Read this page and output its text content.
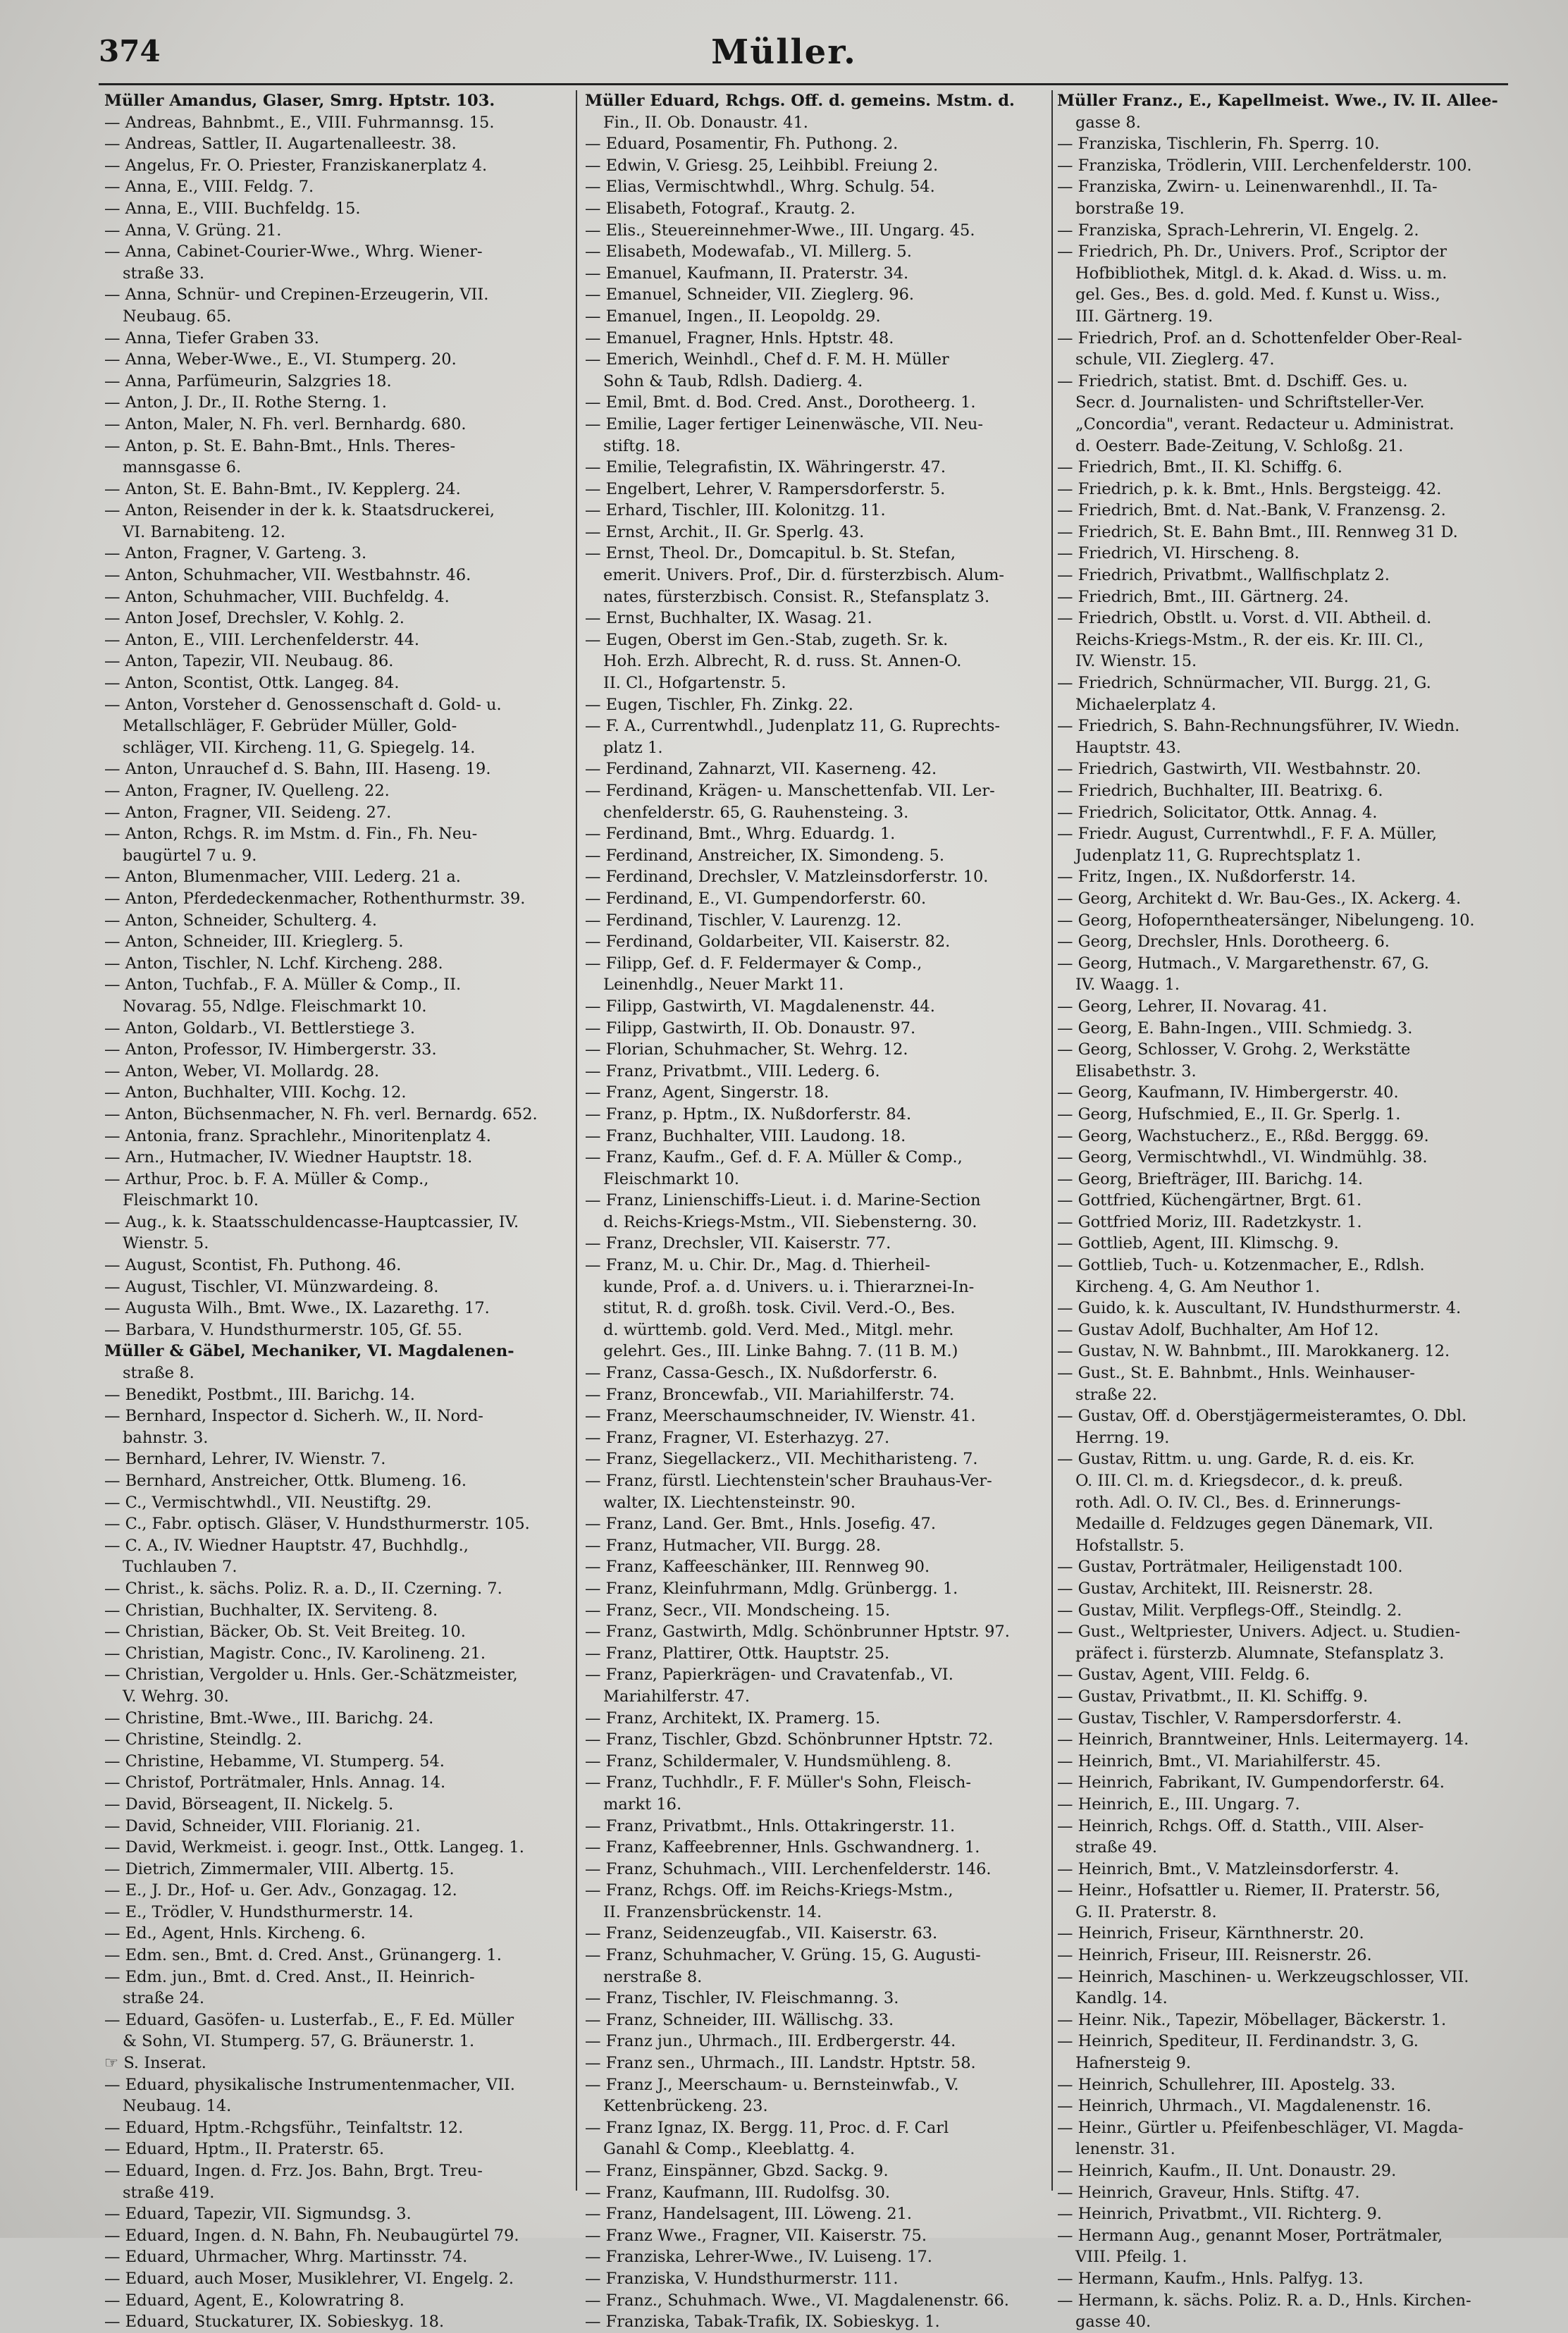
374	Müller.
Müller Amandus, Glaser, Smrg. Hptstr. 103.
— Andreas, Bahnbmt., E., VIII. Fuhrmannsg. 15.
— Andreas, Sattler, II. Augartenalleestr. 38.
— Angelus, Fr. O. Priester, Franziskanerplatz 4.
— Anna, E., VIII. Feldg. 7.
— Anna, E., VIII. Buchfeldg. 15.
— Anna, V. Grüng. 21.
— Anna, Cabinet-Courier-Wwe., Whrg. Wiener-
straße 33.
— Anna, Schnür- und Crepinen-Erzeugerin, VII.
Neubaug. 65.
— Anna, Tiefer Graben 33.
— Anna, Weber-Wwe., E., VI. Stumperg. 20.
— Anna, Parfümeurin, Salzgries 18.
— Anton, J. Dr., II. Rothe Sterng. 1.
— Anton, Maler, N. Fh. verl. Bernhardg. 680.
— Anton, p. St. E. Bahn-Bmt., Hnls. Theres-
mannsgasse 6.
— Anton, St. E. Bahn-Bmt., IV. Kepplerg. 24.
— Anton, Reisender in der k. k. Staatsdruckerei,
VI. Barnabiteng. 12.
— Anton, Fragner, V. Garteng. 3.
— Anton, Schuhmacher, VII. Westbahnstr. 46.
— Anton, Schuhmacher, VIII. Buchfeldg. 4.
— Anton Josef, Drechsler, V. Kohlg. 2.
— Anton, E., VIII. Lerchenfelderstr. 44.
— Anton, Tapezir, VII. Neubaug. 86.
— Anton, Scontist, Ottk. Langeg. 84.
— Anton, Vorsteher d. Genossenschaft d. Gold- u.
Metallschläger, F. Gebrüder Müller, Gold-
schläger, VII. Kircheng. 11, G. Spiegelg. 14.
— Anton, Unrauchef d. S. Bahn, III. Haseng. 19.
— Anton, Fragner, IV. Quelleng. 22.
— Anton, Fragner, VII. Seideng. 27.
— Anton, Rchgs. R. im Mstm. d. Fin., Fh. Neu-
baugürtel 7 u. 9.
— Anton, Blumenmacher, VIII. Lederg. 21 a.
— Anton, Pferdedeckenmacher, Rothenthurmstr. 39.
— Anton, Schneider, Schulterg. 4.
— Anton, Schneider, III. Krieglerg. 5.
— Anton, Tischler, N. Lchf. Kircheng. 288.
— Anton, Tuchfab., F. A. Müller & Comp., II.
Novarag. 55, Ndlge. Fleischmarkt 10.
— Anton, Goldarb., VI. Bettlerstiege 3.
— Anton, Professor, IV. Himbergerstr. 33.
— Anton, Weber, VI. Mollardg. 28.
— Anton, Buchhalter, VIII. Kochg. 12.
— Anton, Büchsenmacher, N. Fh. verl. Bernardg. 652.
— Antonia, franz. Sprachlehr., Minoritenplatz 4.
— Arn., Hutmacher, IV. Wiedner Hauptstr. 18.
— Arthur, Proc. b. F. A. Müller & Comp.,
Fleischmarkt 10.
— Aug., k. k. Staatsschuldencasse-Hauptcassier, IV.
Wienstr. 5.
— August, Scontist, Fh. Puthong. 46.
— August, Tischler, VI. Münzwardeing. 8.
— Augusta Wilh., Bmt. Wwe., IX. Lazarethg. 17.
— Barbara, V. Hundsthurmerstr. 105, Gf. 55.
Müller & Gäbel, Mechaniker, VI. Magdalenen-
straße 8.
— Benedikt, Postbmt., III. Barichg. 14.
— Bernhard, Inspector d. Sicherh. W., II. Nord-
bahnstr. 3.
— Bernhard, Lehrer, IV. Wienstr. 7.
— Bernhard, Anstreicher, Ottk. Blumeng. 16.
— C., Vermischtwhdl., VII. Neustiftg. 29.
— C., Fabr. optisch. Gläser, V. Hundsthurmerstr. 105.
— C. A., IV. Wiedner Hauptstr. 47, Buchhdlg.,
Tuchlauben 7.
— Christ., k. sächs. Poliz. R. a. D., II. Czerning. 7.
— Christian, Buchhalter, IX. Serviteng. 8.
— Christian, Bäcker, Ob. St. Veit Breiteg. 10.
— Christian, Magistr. Conc., IV. Karolineng. 21.
— Christian, Vergolder u. Hnls. Ger.-Schätzmeister,
V. Wehrg. 30.
— Christine, Bmt.-Wwe., III. Barichg. 24.
— Christine, Steindlg. 2.
— Christine, Hebamme, VI. Stumperg. 54.
— Christof, Porträtmaler, Hnls. Annag. 14.
— David, Börseagent, II. Nickelg. 5.
— David, Schneider, VIII. Florianig. 21.
— David, Werkmeist. i. geogr. Inst., Ottk. Langeg. 1.
— Dietrich, Zimmermaler, VIII. Albertg. 15.
— E., J. Dr., Hof- u. Ger. Adv., Gonzagag. 12.
— E., Trödler, V. Hundsthurmerstr. 14.
— Ed., Agent, Hnls. Kircheng. 6.
— Edm. sen., Bmt. d. Cred. Anst., Grünangerg. 1.
— Edm. jun., Bmt. d. Cred. Anst., II. Heinrich-
straße 24.
— Eduard, Gasöfen- u. Lusterfab., E., F. Ed. Müller
& Sohn, VI. Stumperg. 57, G. Bräunerstr. 1.
☞ S. Inserat.
— Eduard, physikalische Instrumentenmacher, VII.
Neubaug. 14.
— Eduard, Hptm.-Rchgsführ., Teinfaltstr. 12.
— Eduard, Hptm., II. Praterstr. 65.
— Eduard, Ingen. d. Frz. Jos. Bahn, Brgt. Treu-
straße 419.
— Eduard, Tapezir, VII. Sigmundsg. 3.
— Eduard, Ingen. d. N. Bahn, Fh. Neubaugürtel 79.
— Eduard, Uhrmacher, Whrg. Martinsstr. 74.
— Eduard, auch Moser, Musiklehrer, VI. Engelg. 2.
— Eduard, Agent, E., Kolowratring 8.
— Eduard, Stuckaturer, IX. Sobieskyg. 18.
Müller Eduard, Rchgs. Off. d. gemeins. Mstm. d.
Fin., II. Ob. Donaustr. 41.
— Eduard, Posamentir, Fh. Puthong. 2.
— Edwin, V. Griesg. 25, Leihbibl. Freiung 2.
— Elias, Vermischtwhdl., Whrg. Schulg. 54.
— Elisabeth, Fotograf., Krautg. 2.
— Elis., Steuereinnehmer-Wwe., III. Ungarg. 45.
— Elisabeth, Modewafab., VI. Millerg. 5.
— Emanuel, Kaufmann, II. Praterstr. 34.
— Emanuel, Schneider, VII. Zieglerg. 96.
— Emanuel, Ingen., II. Leopoldg. 29.
— Emanuel, Fragner, Hnls. Hptstr. 48.
— Emerich, Weinhdl., Chef d. F. M. H. Müller
Sohn & Taub, Rdlsh. Dadierg. 4.
— Emil, Bmt. d. Bod. Cred. Anst., Dorotheerg. 1.
— Emilie, Lager fertiger Leinenwäsche, VII. Neu-
stiftg. 18.
— Emilie, Telegrafistin, IX. Währingerstr. 47.
— Engelbert, Lehrer, V. Rampersdorferstr. 5.
— Erhard, Tischler, III. Kolonitzg. 11.
— Ernst, Archit., II. Gr. Sperlg. 43.
— Ernst, Theol. Dr., Domcapitul. b. St. Stefan,
emerit. Univers. Prof., Dir. d. fürsterzbisch. Alum-
nates, fürsterzbisch. Consist. R., Stefansplatz 3.
— Ernst, Buchhalter, IX. Wasag. 21.
— Eugen, Oberst im Gen.-Stab, zugeth. Sr. k.
Hoh. Erzh. Albrecht, R. d. russ. St. Annen-O.
II. Cl., Hofgartenstr. 5.
— Eugen, Tischler, Fh. Zinkg. 22.
— F. A., Currentwhdl., Judenplatz 11, G. Ruprechts-
platz 1.
— Ferdinand, Zahnarzt, VII. Kaserneng. 42.
— Ferdinand, Krägen- u. Manschettenfab. VII. Ler-
chenfelderstr. 65, G. Rauhensteing. 3.
— Ferdinand, Bmt., Whrg. Eduardg. 1.
— Ferdinand, Anstreicher, IX. Simondeng. 5.
— Ferdinand, Drechsler, V. Matzleinsdorferstr. 10.
— Ferdinand, E., VI. Gumpendorferstr. 60.
— Ferdinand, Tischler, V. Laurenzg. 12.
— Ferdinand, Goldarbeiter, VII. Kaiserstr. 82.
— Filipp, Gef. d. F. Feldermayer & Comp.,
Leinenhdlg., Neuer Markt 11.
— Filipp, Gastwirth, VI. Magdalenenstr. 44.
— Filipp, Gastwirth, II. Ob. Donaustr. 97.
— Florian, Schuhmacher, St. Wehrg. 12.
— Franz, Privatbmt., VIII. Lederg. 6.
— Franz, Agent, Singerstr. 18.
— Franz, p. Hptm., IX. Nußdorferstr. 84.
— Franz, Buchhalter, VIII. Laudong. 18.
— Franz, Kaufm., Gef. d. F. A. Müller & Comp.,
Fleischmarkt 10.
— Franz, Linienschiffs-Lieut. i. d. Marine-Section
d. Reichs-Kriegs-Mstm., VII. Siebensterng. 30.
— Franz, Drechsler, VII. Kaiserstr. 77.
— Franz, M. u. Chir. Dr., Mag. d. Thierheil-
kunde, Prof. a. d. Univers. u. i. Thierarznei-In-
stitut, R. d. großh. tosk. Civil. Verd.-O., Bes.
d. württemb. gold. Verd. Med., Mitgl. mehr.
gelehrt. Ges., III. Linke Bahng. 7. (11 B. M.)
— Franz, Cassa-Gesch., IX. Nußdorferstr. 6.
— Franz, Broncewfab., VII. Mariahilferstr. 74.
— Franz, Meerschaumschneider, IV. Wienstr. 41.
— Franz, Fragner, VI. Esterhazyg. 27.
— Franz, Siegellackerz., VII. Mechitharisteng. 7.
— Franz, fürstl. Liechtenstein'scher Brauhaus-Ver-
walter, IX. Liechtensteinstr. 90.
— Franz, Land. Ger. Bmt., Hnls. Josefig. 47.
— Franz, Hutmacher, VII. Burgg. 28.
— Franz, Kaffeeschänker, III. Rennweg 90.
— Franz, Kleinfuhrmann, Mdlg. Grünbergg. 1.
— Franz, Secr., VII. Mondscheing. 15.
— Franz, Gastwirth, Mdlg. Schönbrunner Hptstr. 97.
— Franz, Plattirer, Ottk. Hauptstr. 25.
— Franz, Papierkrägen- und Cravatenfab., VI.
Mariahilferstr. 47.
— Franz, Architekt, IX. Pramerg. 15.
— Franz, Tischler, Gbzd. Schönbrunner Hptstr. 72.
— Franz, Schildermaler, V. Hundsmühleng. 8.
— Franz, Tuchhdlr., F. F. Müller's Sohn, Fleisch-
markt 16.
— Franz, Privatbmt., Hnls. Ottakringerstr. 11.
— Franz, Kaffeebrenner, Hnls. Gschwandnerg. 1.
— Franz, Schuhmach., VIII. Lerchenfelderstr. 146.
— Franz, Rchgs. Off. im Reichs-Kriegs-Mstm.,
II. Franzensbrückenstr. 14.
— Franz, Seidenzeugfab., VII. Kaiserstr. 63.
— Franz, Schuhmacher, V. Grüng. 15, G. Augusti-
nerstraße 8.
— Franz, Tischler, IV. Fleischmanng. 3.
— Franz, Schneider, III. Wällischg. 33.
— Franz jun., Uhrmach., III. Erdbergerstr. 44.
— Franz sen., Uhrmach., III. Landstr. Hptstr. 58.
— Franz J., Meerschaum- u. Bernsteinwfab., V.
Kettenbrückeng. 23.
— Franz Ignaz, IX. Bergg. 11, Proc. d. F. Carl
Ganahl & Comp., Kleeblattg. 4.
— Franz, Einspänner, Gbzd. Sackg. 9.
— Franz, Kaufmann, III. Rudolfsg. 30.
— Franz, Handelsagent, III. Löweng. 21.
— Franz Wwe., Fragner, VII. Kaiserstr. 75.
— Franziska, Lehrer-Wwe., IV. Luiseng. 17.
— Franziska, V. Hundsthurmerstr. 111.
— Franz., Schuhmach. Wwe., VI. Magdalenenstr. 66.
— Franziska, Tabak-Trafik, IX. Sobieskyg. 1.
Müller Franz., E., Kapellmeist. Wwe., IV. II. Allee-
gasse 8.
— Franziska, Tischlerin, Fh. Sperrg. 10.
— Franziska, Trödlerin, VIII. Lerchenfelderstr. 100.
— Franziska, Zwirn- u. Leinenwarenhdl., II. Ta-
borstraße 19.
— Franziska, Sprach-Lehrerin, VI. Engelg. 2.
— Friedrich, Ph. Dr., Univers. Prof., Scriptor der
Hofbibliothek, Mitgl. d. k. Akad. d. Wiss. u. m.
gel. Ges., Bes. d. gold. Med. f. Kunst u. Wiss.,
III. Gärtnerg. 19.
— Friedrich, Prof. an d. Schottenfelder Ober-Real-
schule, VII. Zieglerg. 47.
— Friedrich, statist. Bmt. d. Dschiff. Ges. u.
Secr. d. Journalisten- und Schriftsteller-Ver.
„Concordia", verant. Redacteur u. Administrat.
d. Oesterr. Bade-Zeitung, V. Schloßg. 21.
— Friedrich, Bmt., II. Kl. Schiffg. 6.
— Friedrich, p. k. k. Bmt., Hnls. Bergsteigg. 42.
— Friedrich, Bmt. d. Nat.-Bank, V. Franzensg. 2.
— Friedrich, St. E. Bahn Bmt., III. Rennweg 31 D.
— Friedrich, VI. Hirscheng. 8.
— Friedrich, Privatbmt., Wallfischplatz 2.
— Friedrich, Bmt., III. Gärtnerg. 24.
— Friedrich, Obstlt. u. Vorst. d. VII. Abtheil. d.
Reichs-Kriegs-Mstm., R. der eis. Kr. III. Cl.,
IV. Wienstr. 15.
— Friedrich, Schnürmacher, VII. Burgg. 21, G.
Michaelerplatz 4.
— Friedrich, S. Bahn-Rechnungsführer, IV. Wiedn.
Hauptstr. 43.
— Friedrich, Gastwirth, VII. Westbahnstr. 20.
— Friedrich, Buchhalter, III. Beatrixg. 6.
— Friedrich, Solicitator, Ottk. Annag. 4.
— Friedr. August, Currentwhdl., F. F. A. Müller,
Judenplatz 11, G. Ruprechtsplatz 1.
— Fritz, Ingen., IX. Nußdorferstr. 14.
— Georg, Architekt d. Wr. Bau-Ges., IX. Ackerg. 4.
— Georg, Hofoperntheatersänger, Nibelungeng. 10.
— Georg, Drechsler, Hnls. Dorotheerg. 6.
— Georg, Hutmach., V. Margarethenstr. 67, G.
IV. Waagg. 1.
— Georg, Lehrer, II. Novarag. 41.
— Georg, E. Bahn-Ingen., VIII. Schmiedg. 3.
— Georg, Schlosser, V. Grohg. 2, Werkstätte
Elisabethstr. 3.
— Georg, Kaufmann, IV. Himbergerstr. 40.
— Georg, Hufschmied, E., II. Gr. Sperlg. 1.
— Georg, Wachstucherz., E., Rßd. Berggg. 69.
— Georg, Vermischtwhdl., VI. Windmühlg. 38.
— Georg, Briefträger, III. Barichg. 14.
— Gottfried, Küchengärtner, Brgt. 61.
— Gottfried Moriz, III. Radetzkystr. 1.
— Gottlieb, Agent, III. Klimschg. 9.
— Gottlieb, Tuch- u. Kotzenmacher, E., Rdlsh.
Kircheng. 4, G. Am Neuthor 1.
— Guido, k. k. Auscultant, IV. Hundsthurmerstr. 4.
— Gustav Adolf, Buchhalter, Am Hof 12.
— Gustav, N. W. Bahnbmt., III. Marokkanerg. 12.
— Gust., St. E. Bahnbmt., Hnls. Weinhauser-
straße 22.
— Gustav, Off. d. Oberstjägermeisteramtes, O. Dbl.
Herrng. 19.
— Gustav, Rittm. u. ung. Garde, R. d. eis. Kr.
O. III. Cl. m. d. Kriegsdecor., d. k. preuß.
roth. Adl. O. IV. Cl., Bes. d. Erinnerungs-
Medaille d. Feldzuges gegen Dänemark, VII.
Hofstallstr. 5.
— Gustav, Porträtmaler, Heiligenstadt 100.
— Gustav, Architekt, III. Reisnerstr. 28.
— Gustav, Milit. Verpflegs-Off., Steindlg. 2.
— Gust., Weltpriester, Univers. Adject. u. Studien-
präfect i. fürsterzb. Alumnate, Stefansplatz 3.
— Gustav, Agent, VIII. Feldg. 6.
— Gustav, Privatbmt., II. Kl. Schiffg. 9.
— Gustav, Tischler, V. Rampersdorferstr. 4.
— Heinrich, Branntweiner, Hnls. Leitermayerg. 14.
— Heinrich, Bmt., VI. Mariahilferstr. 45.
— Heinrich, Fabrikant, IV. Gumpendorferstr. 64.
— Heinrich, E., III. Ungarg. 7.
— Heinrich, Rchgs. Off. d. Statth., VIII. Alser-
straße 49.
— Heinrich, Bmt., V. Matzleinsdorferstr. 4.
— Heinr., Hofsattler u. Riemer, II. Praterstr. 56,
G. II. Praterstr. 8.
— Heinrich, Friseur, Kärnthnerstr. 20.
— Heinrich, Friseur, III. Reisnerstr. 26.
— Heinrich, Maschinen- u. Werkzeugschlosser, VII.
Kandlg. 14.
— Heinr. Nik., Tapezir, Möbellager, Bäckerstr. 1.
— Heinrich, Spediteur, II. Ferdinandstr. 3, G.
Hafnersteig 9.
— Heinrich, Schullehrer, III. Apostelg. 33.
— Heinrich, Uhrmach., VI. Magdalenenstr. 16.
— Heinr., Gürtler u. Pfeifenbeschläger, VI. Magda-
lenenstr. 31.
— Heinrich, Kaufm., II. Unt. Donaustr. 29.
— Heinrich, Graveur, Hnls. Stiftg. 47.
— Heinrich, Privatbmt., VII. Richterg. 9.
— Hermann Aug., genannt Moser, Porträtmaler,
VIII. Pfeilg. 1.
— Hermann, Kaufm., Hnls. Palfyg. 13.
— Hermann, k. sächs. Poliz. R. a. D., Hnls. Kirchen-
gasse 40.
